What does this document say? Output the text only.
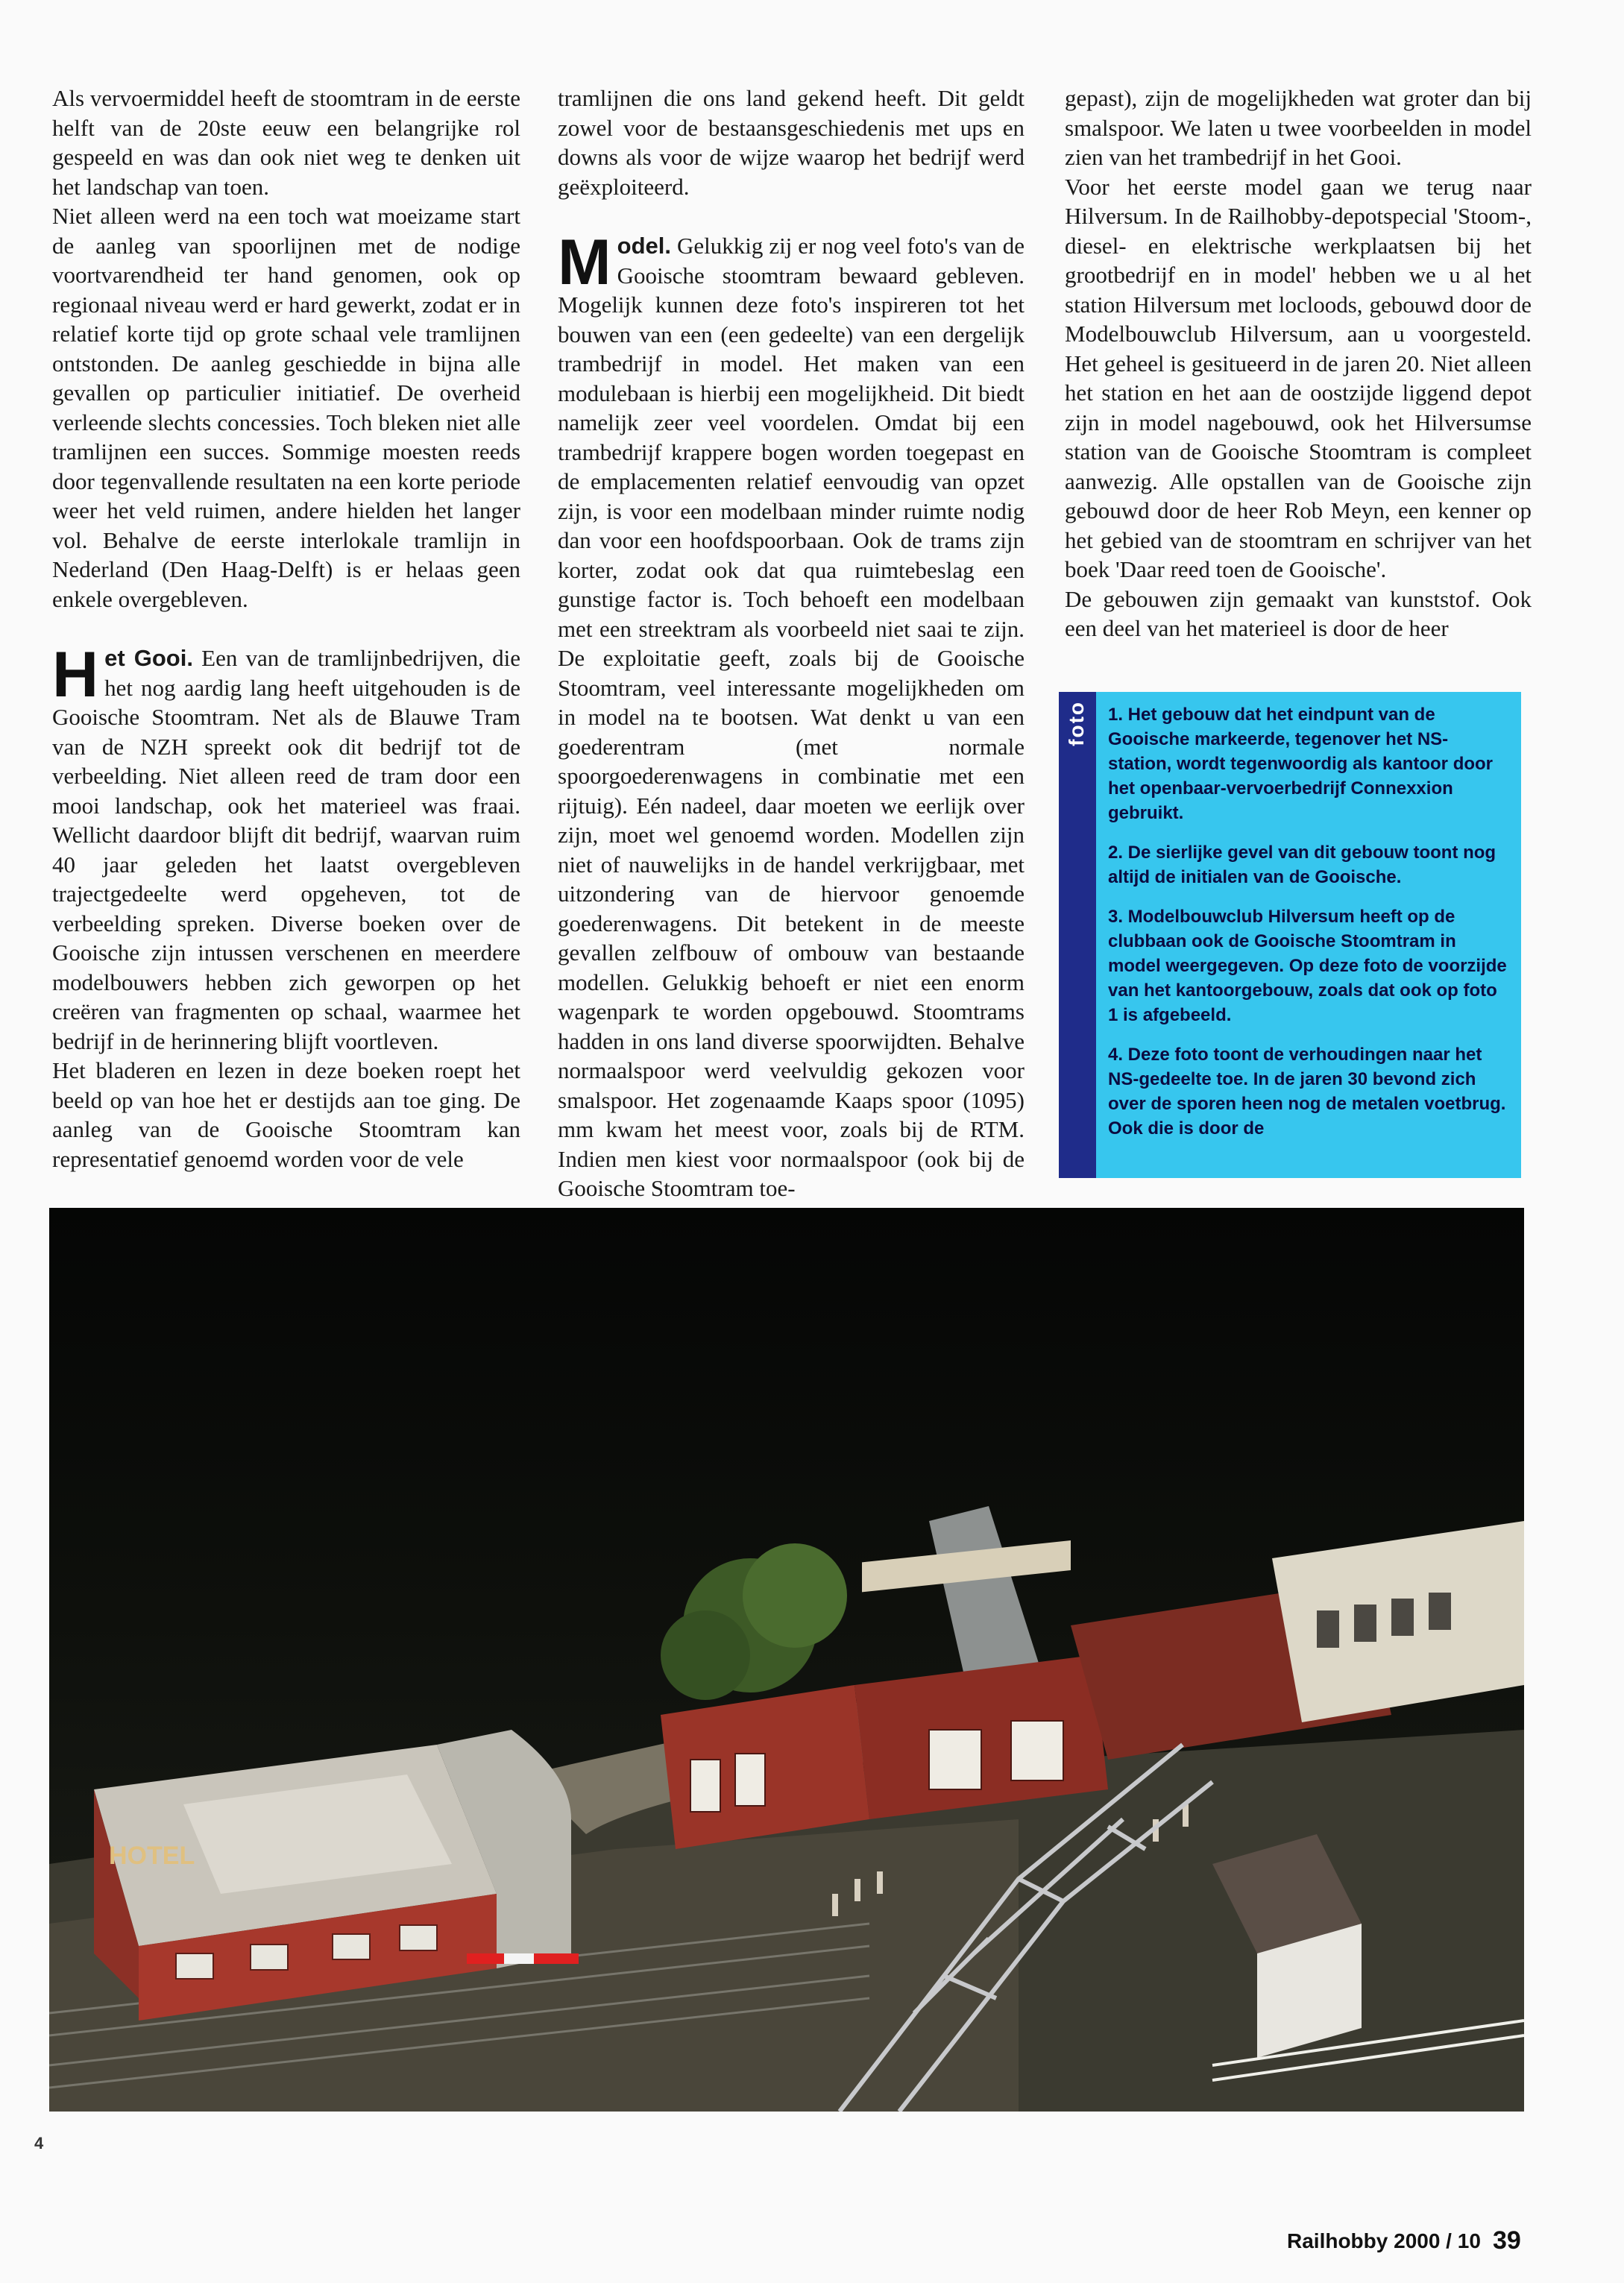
Als vervoermiddel heeft de stoomtram in de eerste helft van de 20ste eeuw een belangrijke rol gespeeld en was dan ook niet weg te denken uit het landschap van toen.

Niet alleen werd na een toch wat moeizame start de aanleg van spoorlijnen met de nodige voortvarendheid ter hand genomen, ook op regionaal niveau werd er hard gewerkt, zodat er in relatief korte tijd op grote schaal vele tramlijnen ontstonden. De aanleg geschiedde in bijna alle gevallen op particulier initiatief. De overheid verleende slechts concessies. Toch bleken niet alle tramlijnen een succes. Sommige moesten reeds door tegenvallende resultaten na een korte periode weer het veld ruimen, andere hielden het langer vol. Behalve de eerste interlokale tramlijn in Nederland (Den Haag-Delft) is er helaas geen enkele overgebleven.

Het Gooi. Een van de tramlijnbedrijven, die het nog aardig lang heeft uitgehouden is de Gooische Stoomtram. Net als de Blauwe Tram van de NZH spreekt ook dit bedrijf tot de verbeelding. Niet alleen reed de tram door een mooi landschap, ook het materieel was fraai. Wellicht daardoor blijft dit bedrijf, waarvan ruim 40 jaar geleden het laatst overgebleven trajectgedeelte werd opgeheven, tot de verbeelding spreken. Diverse boeken over de Gooische zijn intussen verschenen en meerdere modelbouwers hebben zich geworpen op het creëren van fragmenten op schaal, waarmee het bedrijf in de herinnering blijft voortleven.

Het bladeren en lezen in deze boeken roept het beeld op van hoe het er destijds aan toe ging. De aanleg van de Gooische Stoomtram kan representatief genoemd worden voor de vele

tramlijnen die ons land gekend heeft. Dit geldt zowel voor de bestaansgeschiedenis met ups en downs als voor de wijze waarop het bedrijf werd geëxploiteerd.

Model. Gelukkig zij er nog veel foto's van de Gooische stoomtram bewaard gebleven. Mogelijk kunnen deze foto's inspireren tot het bouwen van een (een gedeelte) van een dergelijk trambedrijf in model. Het maken van een modulebaan is hierbij een mogelijkheid. Dit biedt namelijk zeer veel voordelen. Omdat bij een trambedrijf krappere bogen worden toegepast en de emplacementen relatief eenvoudig van opzet zijn, is voor een modelbaan minder ruimte nodig dan voor een hoofdspoorbaan. Ook de trams zijn korter, zodat ook dat qua ruimtebeslag een gunstige factor is. Toch behoeft een modelbaan met een streektram als voorbeeld niet saai te zijn. De exploitatie geeft, zoals bij de Gooische Stoomtram, veel interessante mogelijkheden om in model na te bootsen. Wat denkt u van een goederentram (met normale spoorgoederenwagens in combinatie met een rijtuig). Eén nadeel, daar moeten we eerlijk over zijn, moet wel genoemd worden. Modellen zijn niet of nauwelijks in de handel verkrijgbaar, met uitzondering van de hiervoor genoemde goederenwagens. Dit betekent in de meeste gevallen zelfbouw of ombouw van bestaande modellen. Gelukkig behoeft er niet een enorm wagenpark te worden opgebouwd. Stoomtrams hadden in ons land diverse spoorwijdten. Behalve normaalspoor werd veelvuldig gekozen voor smalspoor. Het zogenaamde Kaaps spoor (1095) mm kwam het meest voor, zoals bij de RTM. Indien men kiest voor normaalspoor (ook bij de Gooische Stoomtram toe-

gepast), zijn de mogelijkheden wat groter dan bij smalspoor. We laten u twee voorbeelden in model zien van het trambedrijf in het Gooi.

Voor het eerste model gaan we terug naar Hilversum. In de Railhobby-depotspecial 'Stoom-, diesel- en elektrische werkplaatsen bij het grootbedrijf en in model' hebben we u al het station Hilversum met locloods, gebouwd door de Modelbouwclub Hilversum, aan u voorgesteld. Het geheel is gesitueerd in de jaren 20. Niet alleen het station en het aan de oostzijde liggend depot zijn in model nagebouwd, ook het Hilversumse station van de Gooische Stoomtram is compleet aanwezig. Alle opstallen van de Gooische zijn gebouwd door de heer Rob Meyn, een kenner op het gebied van de stoomtram en schrijver van het boek 'Daar reed toen de Gooische'.

De gebouwen zijn gemaakt van kunststof. Ook een deel van het materieel is door de heer

foto 1. Het gebouw dat het eindpunt van de Gooische markeerde, tegenover het NS-station, wordt tegenwoordig als kantoor door het openbaar-vervoerbedrijf Connexxion gebruikt.

2. De sierlijke gevel van dit gebouw toont nog altijd de initialen van de Gooische.

3. Modelbouwclub Hilversum heeft op de clubbaan ook de Gooische Stoomtram in model weergegeven. Op deze foto de voorzijde van het kantoorgebouw, zoals dat ook op foto 1 is afgebeeld.

4. Deze foto toont de verhoudingen naar het NS-gedeelte toe. In de jaren 30 bevond zich over de sporen heen nog de metalen voetbrug. Ook die is door de

HOTEL
4
Railhobby 2000 / 10 39
